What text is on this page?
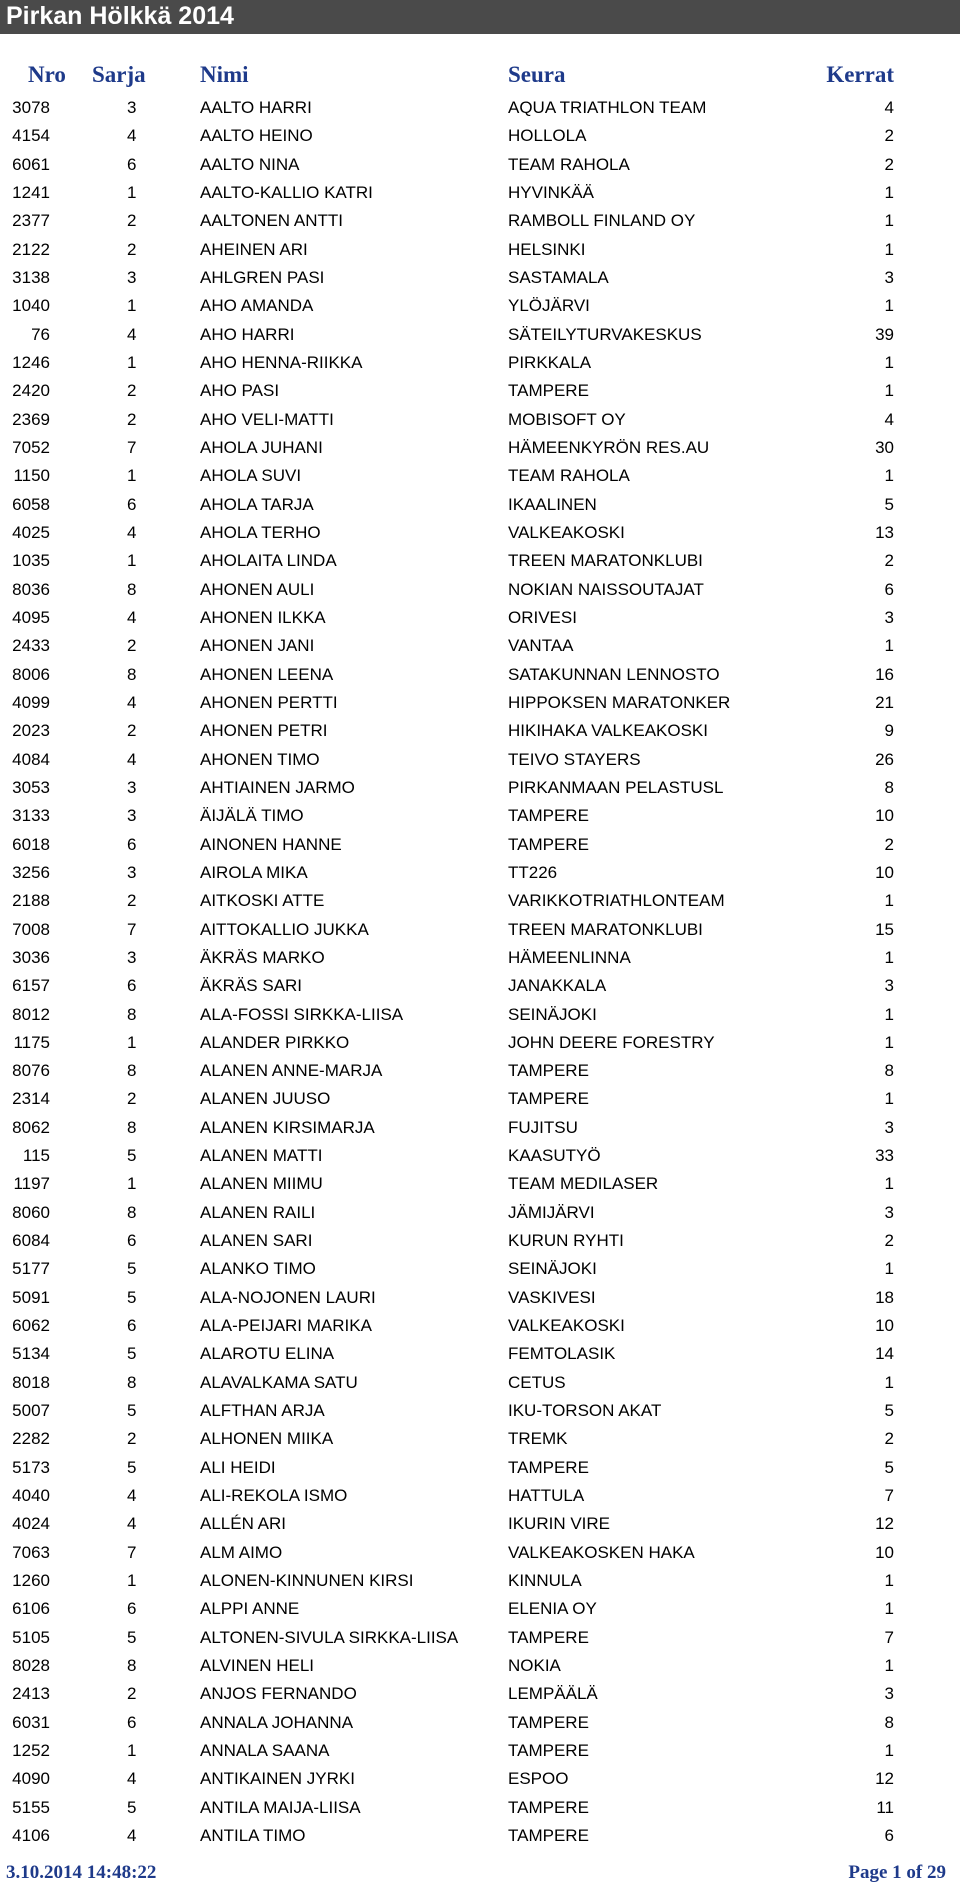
Pirkan Hölkkä 2014
Nro Sarja Nimi	Seura	Kerrat
3078	3	AALTO HARRI	AQUA TRIATHLON TEAM	4
4154	4	AALTO HEINO	HOLLOLA	2
6061	6	AALTO NINA	TEAM RAHOLA	2
1241	1	AALTO-KALLIO KATRI	HYVINKÄÄ	1
2377	2	AALTONEN ANTTI	RAMBOLL FINLAND OY	1
2122	2	AHEINEN ARI	HELSINKI	1
3138	3	AHLGREN PASI	SASTAMALA	3
1040	1	AHO AMANDA	YLÖJÄRVI	1
76	4	AHO HARRI	SÄTEILYTURVAKESKUS	39
1246	1	AHO HENNA-RIIKKA	PIRKKALA	1
2420	2	AHO PASI	TAMPERE	1
2369	2	AHO VELI-MATTI	MOBISOFT OY	4
7052	7	AHOLA JUHANI	HÄMEENKYRÖN RES.AU	30
1150	1	AHOLA SUVI	TEAM RAHOLA	1
6058	6	AHOLA TARJA	IKAALINEN	5
4025	4	AHOLA TERHO	VALKEAKOSKI	13
1035	1	AHOLAITA LINDA	TREEN MARATONKLUBI	2
8036	8	AHONEN AULI	NOKIAN NAISSOUTAJAT	6
4095	4	AHONEN ILKKA	ORIVESI	3
2433	2	AHONEN JANI	VANTAA	1
8006	8	AHONEN LEENA	SATAKUNNAN LENNOSTO	16
4099	4	AHONEN PERTTI	HIPPOKSEN MARATONKER	21
2023	2	AHONEN PETRI	HIKIHAKA VALKEAKOSKI	9
4084	4	AHONEN TIMO	TEIVO STAYERS	26
3053	3	AHTIAINEN JARMO	PIRKANMAAN PELASTUSL	8
3133	3	ÄIJÄLÄ TIMO	TAMPERE	10
6018	6	AINONEN HANNE	TAMPERE	2
3256	3	AIROLA MIKA	TT226	10
2188	2	AITKOSKI ATTE	VARIKKOTRIATHLONTEAM	1
7008	7	AITTOKALLIO JUKKA	TREEN MARATONKLUBI	15
3036	3	ÄKRÄS MARKO	HÄMEENLINNA	1
6157	6	ÄKRÄS SARI	JANAKKALA	3
8012	8	ALA-FOSSI SIRKKA-LIISA	SEINÄJOKI	1
1175	1	ALANDER PIRKKO	JOHN DEERE FORESTRY	1
8076	8	ALANEN ANNE-MARJA	TAMPERE	8
2314	2	ALANEN JUUSO	TAMPERE	1
8062	8	ALANEN KIRSIMARJA	FUJITSU	3
115	5	ALANEN MATTI	KAASUTYÖ	33
1197	1	ALANEN MIIMU	TEAM MEDILASER	1
8060	8	ALANEN RAILI	JÄMIJÄRVI	3
6084	6	ALANEN SARI	KURUN RYHTI	2
5177	5	ALANKO TIMO	SEINÄJOKI	1
5091	5	ALA-NOJONEN LAURI	VASKIVESI	18
6062	6	ALA-PEIJARI MARIKA	VALKEAKOSKI	10
5134	5	ALAROTU ELINA	FEMTOLASIK	14
8018	8	ALAVALKAMA SATU	CETUS	1
5007	5	ALFTHAN ARJA	IKU-TORSON AKAT	5
2282	2	ALHONEN MIIKA	TREMK	2
5173	5	ALI HEIDI	TAMPERE	5
4040	4	ALI-REKOLA ISMO	HATTULA	7
4024	4	ALLÉN ARI	IKURIN VIRE	12
7063	7	ALM AIMO	VALKEAKOSKEN HAKA	10
1260	1	ALONEN-KINNUNEN KIRSI	KINNULA	1
6106	6	ALPPI ANNE	ELENIA OY	1
5105	5	ALTONEN-SIVULA SIRKKA-LIISA	TAMPERE	7
8028	8	ALVINEN HELI	NOKIA	1
2413	2	ANJOS FERNANDO	LEMPÄÄLÄ	3
6031	6	ANNALA JOHANNA	TAMPERE	8
1252	1	ANNALA SAANA	TAMPERE	1
4090	4	ANTIKAINEN JYRKI	ESPOO	12
5155	5	ANTILA MAIJA-LIISA	TAMPERE	11
4106	4	ANTILA TIMO	TAMPERE	6
3.10.2014 14:48:22	Page 1 of 29
